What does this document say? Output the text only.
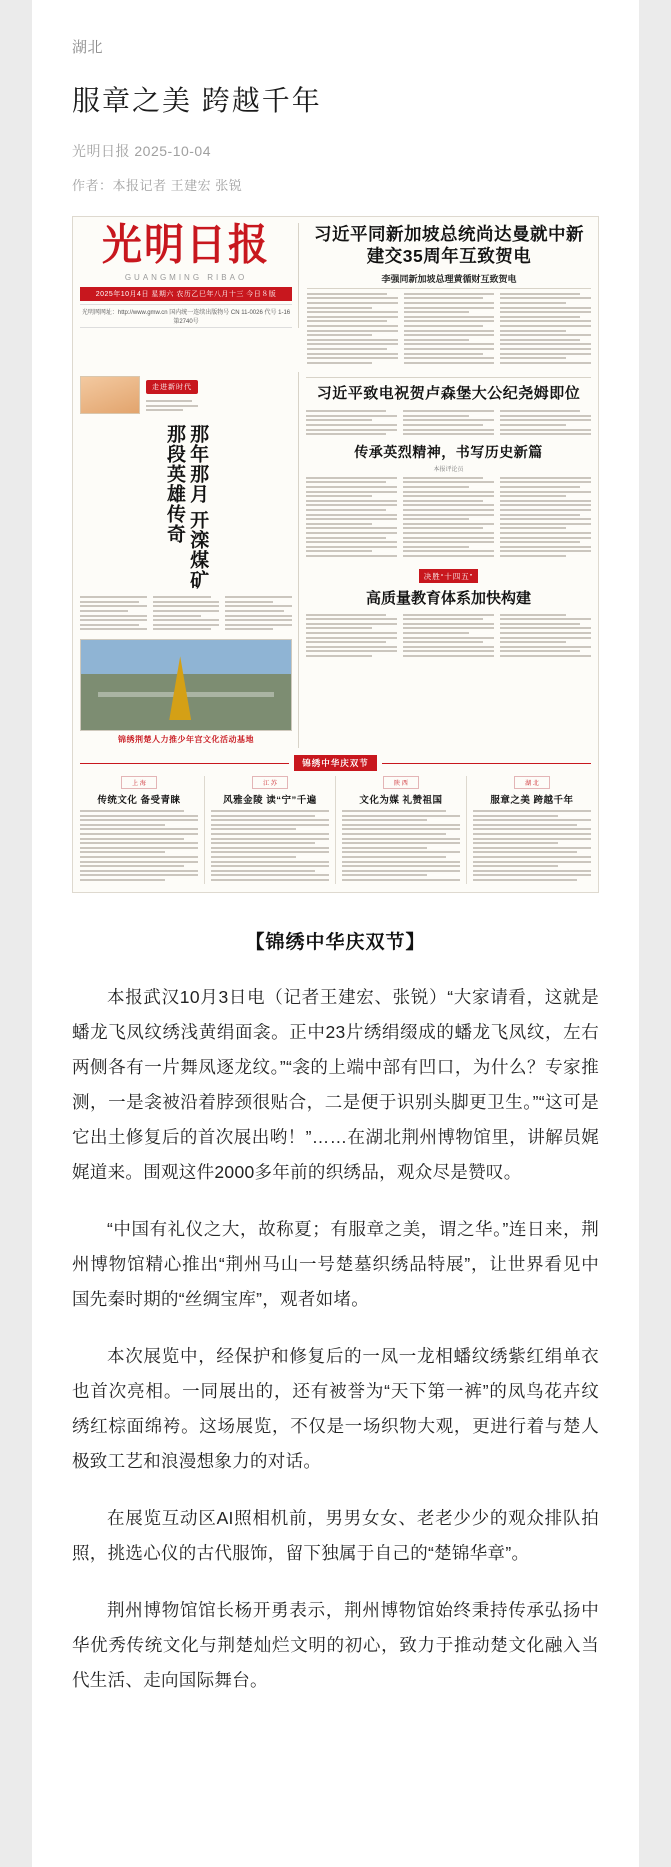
湖北
服章之美 跨越千年
光明日报 2025-10-04
作者：本报记者 王建宏 张锐
光明日报
GUANGMING RIBAO
2025年10月4日 星期六 农历乙巳年八月十三 今日８版
光明网网址：http://www.gmw.cn 国内统一连续出版物号 CN 11-0026 代号 1-16 第2740号
习近平同新加坡总统尚达曼就中新建交35周年互致贺电
李强同新加坡总理黄循财互致贺电
走进新时代
那年那月 开滦煤矿那段英雄传奇
锦绣荆楚人力推少年宫文化活动基地
习近平致电祝贺卢森堡大公纪尧姆即位
传承英烈精神，书写历史新篇
本报评论员
决胜“十四五”
高质量教育体系加快构建
锦绣中华庆双节
上 海
传统文化 备受青睐
江 苏
风雅金陵 读“宁”千遍
陕 西
文化为媒 礼赞祖国
湖 北
服章之美 跨越千年
【锦绣中华庆双节】

本报武汉10月3日电（记者王建宏、张锐）“大家请看，这就是蟠龙飞凤纹绣浅黄绢面衾。正中23片绣绢缀成的蟠龙飞凤纹，左右两侧各有一片舞凤逐龙纹。”“衾的上端中部有凹口，为什么？专家推测，一是衾被沿着脖颈很贴合，二是便于识别头脚更卫生。”“这可是它出土修复后的首次展出哟！”……在湖北荆州博物馆里，讲解员娓娓道来。围观这件2000多年前的织绣品，观众尽是赞叹。

“中国有礼仪之大，故称夏；有服章之美，谓之华。”连日来，荆州博物馆精心推出“荆州马山一号楚墓织绣品特展”，让世界看见中国先秦时期的“丝绸宝库”，观者如堵。

本次展览中，经保护和修复后的一凤一龙相蟠纹绣紫红绢单衣也首次亮相。一同展出的，还有被誉为“天下第一裤”的凤鸟花卉纹绣红棕面绵袴。这场展览，不仅是一场织物大观，更进行着与楚人极致工艺和浪漫想象力的对话。

在展览互动区AI照相机前，男男女女、老老少少的观众排队拍照，挑选心仪的古代服饰，留下独属于自己的“楚锦华章”。

荆州博物馆馆长杨开勇表示，荆州博物馆始终秉持传承弘扬中华优秀传统文化与荆楚灿烂文明的初心，致力于推动楚文化融入当代生活、走向国际舞台。
